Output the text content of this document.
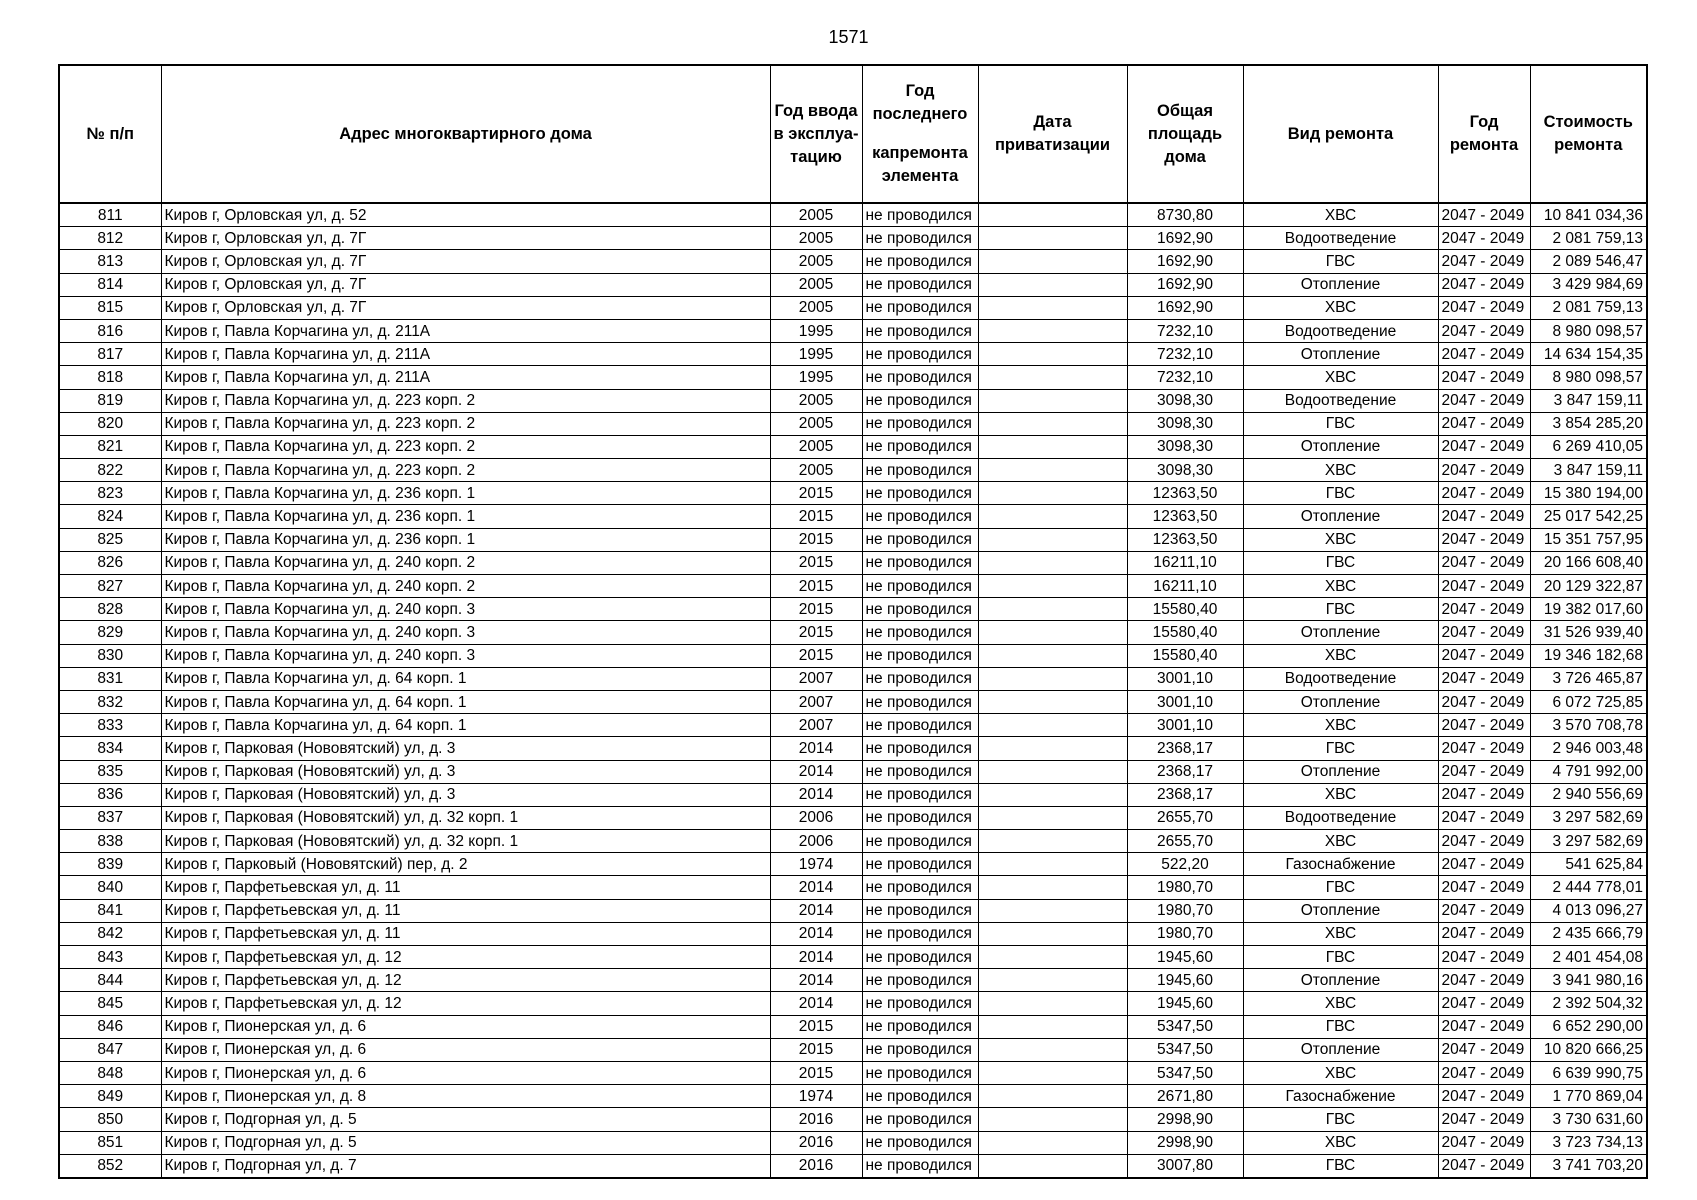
1571
№ п/п	Адрес многоквартирного дома	Год ввода в эксплуа-тацию	Год последнего
капремонта элемента	Дата приватизации	Общая площадь дома	Вид ремонта	Год ремонта	Стоимость ремонта
811	Киров г, Орловская ул, д. 52	2005	не проводился		8730,80	ХВС	2047 - 2049	10 841 034,36
812	Киров г, Орловская ул, д. 7Г	2005	не проводился		1692,90	Водоотведение	2047 - 2049	2 081 759,13
813	Киров г, Орловская ул, д. 7Г	2005	не проводился		1692,90	ГВС	2047 - 2049	2 089 546,47
814	Киров г, Орловская ул, д. 7Г	2005	не проводился		1692,90	Отопление	2047 - 2049	3 429 984,69
815	Киров г, Орловская ул, д. 7Г	2005	не проводился		1692,90	ХВС	2047 - 2049	2 081 759,13
816	Киров г, Павла Корчагина ул, д. 211А	1995	не проводился		7232,10	Водоотведение	2047 - 2049	8 980 098,57
817	Киров г, Павла Корчагина ул, д. 211А	1995	не проводился		7232,10	Отопление	2047 - 2049	14 634 154,35
818	Киров г, Павла Корчагина ул, д. 211А	1995	не проводился		7232,10	ХВС	2047 - 2049	8 980 098,57
819	Киров г, Павла Корчагина ул, д. 223 корп. 2	2005	не проводился		3098,30	Водоотведение	2047 - 2049	3 847 159,11
820	Киров г, Павла Корчагина ул, д. 223 корп. 2	2005	не проводился		3098,30	ГВС	2047 - 2049	3 854 285,20
821	Киров г, Павла Корчагина ул, д. 223 корп. 2	2005	не проводился		3098,30	Отопление	2047 - 2049	6 269 410,05
822	Киров г, Павла Корчагина ул, д. 223 корп. 2	2005	не проводился		3098,30	ХВС	2047 - 2049	3 847 159,11
823	Киров г, Павла Корчагина ул, д. 236 корп. 1	2015	не проводился		12363,50	ГВС	2047 - 2049	15 380 194,00
824	Киров г, Павла Корчагина ул, д. 236 корп. 1	2015	не проводился		12363,50	Отопление	2047 - 2049	25 017 542,25
825	Киров г, Павла Корчагина ул, д. 236 корп. 1	2015	не проводился		12363,50	ХВС	2047 - 2049	15 351 757,95
826	Киров г, Павла Корчагина ул, д. 240 корп. 2	2015	не проводился		16211,10	ГВС	2047 - 2049	20 166 608,40
827	Киров г, Павла Корчагина ул, д. 240 корп. 2	2015	не проводился		16211,10	ХВС	2047 - 2049	20 129 322,87
828	Киров г, Павла Корчагина ул, д. 240 корп. 3	2015	не проводился		15580,40	ГВС	2047 - 2049	19 382 017,60
829	Киров г, Павла Корчагина ул, д. 240 корп. 3	2015	не проводился		15580,40	Отопление	2047 - 2049	31 526 939,40
830	Киров г, Павла Корчагина ул, д. 240 корп. 3	2015	не проводился		15580,40	ХВС	2047 - 2049	19 346 182,68
831	Киров г, Павла Корчагина ул, д. 64 корп. 1	2007	не проводился		3001,10	Водоотведение	2047 - 2049	3 726 465,87
832	Киров г, Павла Корчагина ул, д. 64 корп. 1	2007	не проводился		3001,10	Отопление	2047 - 2049	6 072 725,85
833	Киров г, Павла Корчагина ул, д. 64 корп. 1	2007	не проводился		3001,10	ХВС	2047 - 2049	3 570 708,78
834	Киров г, Парковая (Нововятский) ул, д. 3	2014	не проводился		2368,17	ГВС	2047 - 2049	2 946 003,48
835	Киров г, Парковая (Нововятский) ул, д. 3	2014	не проводился		2368,17	Отопление	2047 - 2049	4 791 992,00
836	Киров г, Парковая (Нововятский) ул, д. 3	2014	не проводился		2368,17	ХВС	2047 - 2049	2 940 556,69
837	Киров г, Парковая (Нововятский) ул, д. 32 корп. 1	2006	не проводился		2655,70	Водоотведение	2047 - 2049	3 297 582,69
838	Киров г, Парковая (Нововятский) ул, д. 32 корп. 1	2006	не проводился		2655,70	ХВС	2047 - 2049	3 297 582,69
839	Киров г, Парковый (Нововятский) пер, д. 2	1974	не проводился		522,20	Газоснабжение	2047 - 2049	541 625,84
840	Киров г, Парфетьевская ул, д. 11	2014	не проводился		1980,70	ГВС	2047 - 2049	2 444 778,01
841	Киров г, Парфетьевская ул, д. 11	2014	не проводился		1980,70	Отопление	2047 - 2049	4 013 096,27
842	Киров г, Парфетьевская ул, д. 11	2014	не проводился		1980,70	ХВС	2047 - 2049	2 435 666,79
843	Киров г, Парфетьевская ул, д. 12	2014	не проводился		1945,60	ГВС	2047 - 2049	2 401 454,08
844	Киров г, Парфетьевская ул, д. 12	2014	не проводился		1945,60	Отопление	2047 - 2049	3 941 980,16
845	Киров г, Парфетьевская ул, д. 12	2014	не проводился		1945,60	ХВС	2047 - 2049	2 392 504,32
846	Киров г, Пионерская ул, д. 6	2015	не проводился		5347,50	ГВС	2047 - 2049	6 652 290,00
847	Киров г, Пионерская ул, д. 6	2015	не проводился		5347,50	Отопление	2047 - 2049	10 820 666,25
848	Киров г, Пионерская ул, д. 6	2015	не проводился		5347,50	ХВС	2047 - 2049	6 639 990,75
849	Киров г, Пионерская ул, д. 8	1974	не проводился		2671,80	Газоснабжение	2047 - 2049	1 770 869,04
850	Киров г, Подгорная ул, д. 5	2016	не проводился		2998,90	ГВС	2047 - 2049	3 730 631,60
851	Киров г, Подгорная ул, д. 5	2016	не проводился		2998,90	ХВС	2047 - 2049	3 723 734,13
852	Киров г, Подгорная ул, д. 7	2016	не проводился		3007,80	ГВС	2047 - 2049	3 741 703,20
